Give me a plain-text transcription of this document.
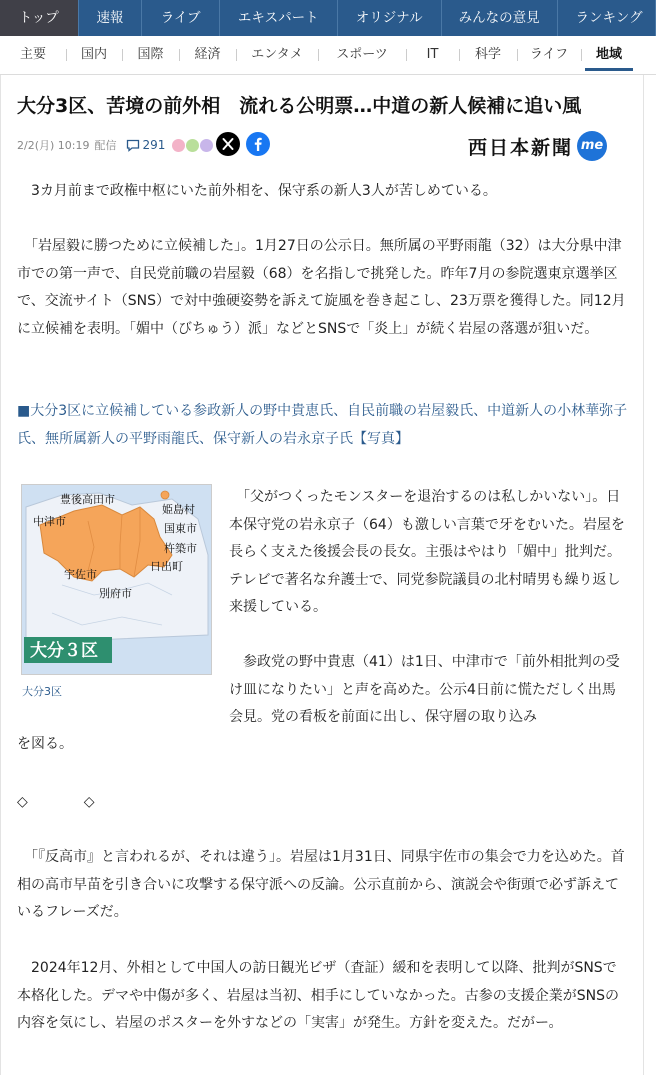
トップ	速報	ライブ	エキスパート	オリジナル	みんなの意見	ランキング
主要	国内	国際	経済	エンタメ	スポーツ	IT	科学	ライフ	地域
大分3区、苦境の前外相　流れる公明票…中道の新人候補に追い風
2/2(月) 10:19 配信 291	西日本新聞 me
　3カ月前まで政権中枢にいた前外相を、保守系の新人3人が苦しめている。
　「岩屋毅に勝つために立候補した」。1月27日の公示日。無所属の平野雨龍（32）は大分県中津市での第一声で、自民党前職の岩屋毅（68）を名指しで挑発した。昨年7月の参院選東京選挙区で、交流サイト（SNS）で対中強硬姿勢を訴えて旋風を巻き起こし、23万票を獲得した。同12月に立候補を表明。「媚中（びちゅう）派」などとSNSで「炎上」が続く岩屋の落選が狙いだ。
■大分3区に立候補している参政新人の野中貴恵氏、自民前職の岩屋毅氏、中道新人の小林華弥子氏、無所属新人の平野雨龍氏、保守新人の岩永京子氏【写真】
豊後高田市
中津市
姫島村
国東市
杵築市
日出町
宇佐市
別府市
大分３区
大分3区
　「父がつくったモンスターを退治するのは私しかいない」。日本保守党の岩永京子（64）も激しい言葉で牙をむいた。岩屋を長らく支えた後援会長の長女。主張はやはり「媚中」批判だ。テレビで著名な弁護士で、同党参院議員の北村晴男も繰り返し来援している。
　参政党の野中貴恵（41）は1日、中津市で「前外相批判の受け皿になりたい」と声を高めた。公示4日前に慌ただしく出馬会見。党の看板を前面に出し、保守層の取り込み
を図る。
◇　　　　◇
　「『反高市』と言われるが、それは違う」。岩屋は1月31日、同県宇佐市の集会で力を込めた。首相の高市早苗を引き合いに攻撃する保守派への反論。公示直前から、演説会や街頭で必ず訴えているフレーズだ。
　2024年12月、外相として中国人の訪日観光ビザ（査証）緩和を表明して以降、批判がSNSで本格化した。デマや中傷が多く、岩屋は当初、相手にしていなかった。古参の支援企業がSNSの内容を気にし、岩屋のポスターを外すなどの「実害」が発生。方針を変えた。だがー。
